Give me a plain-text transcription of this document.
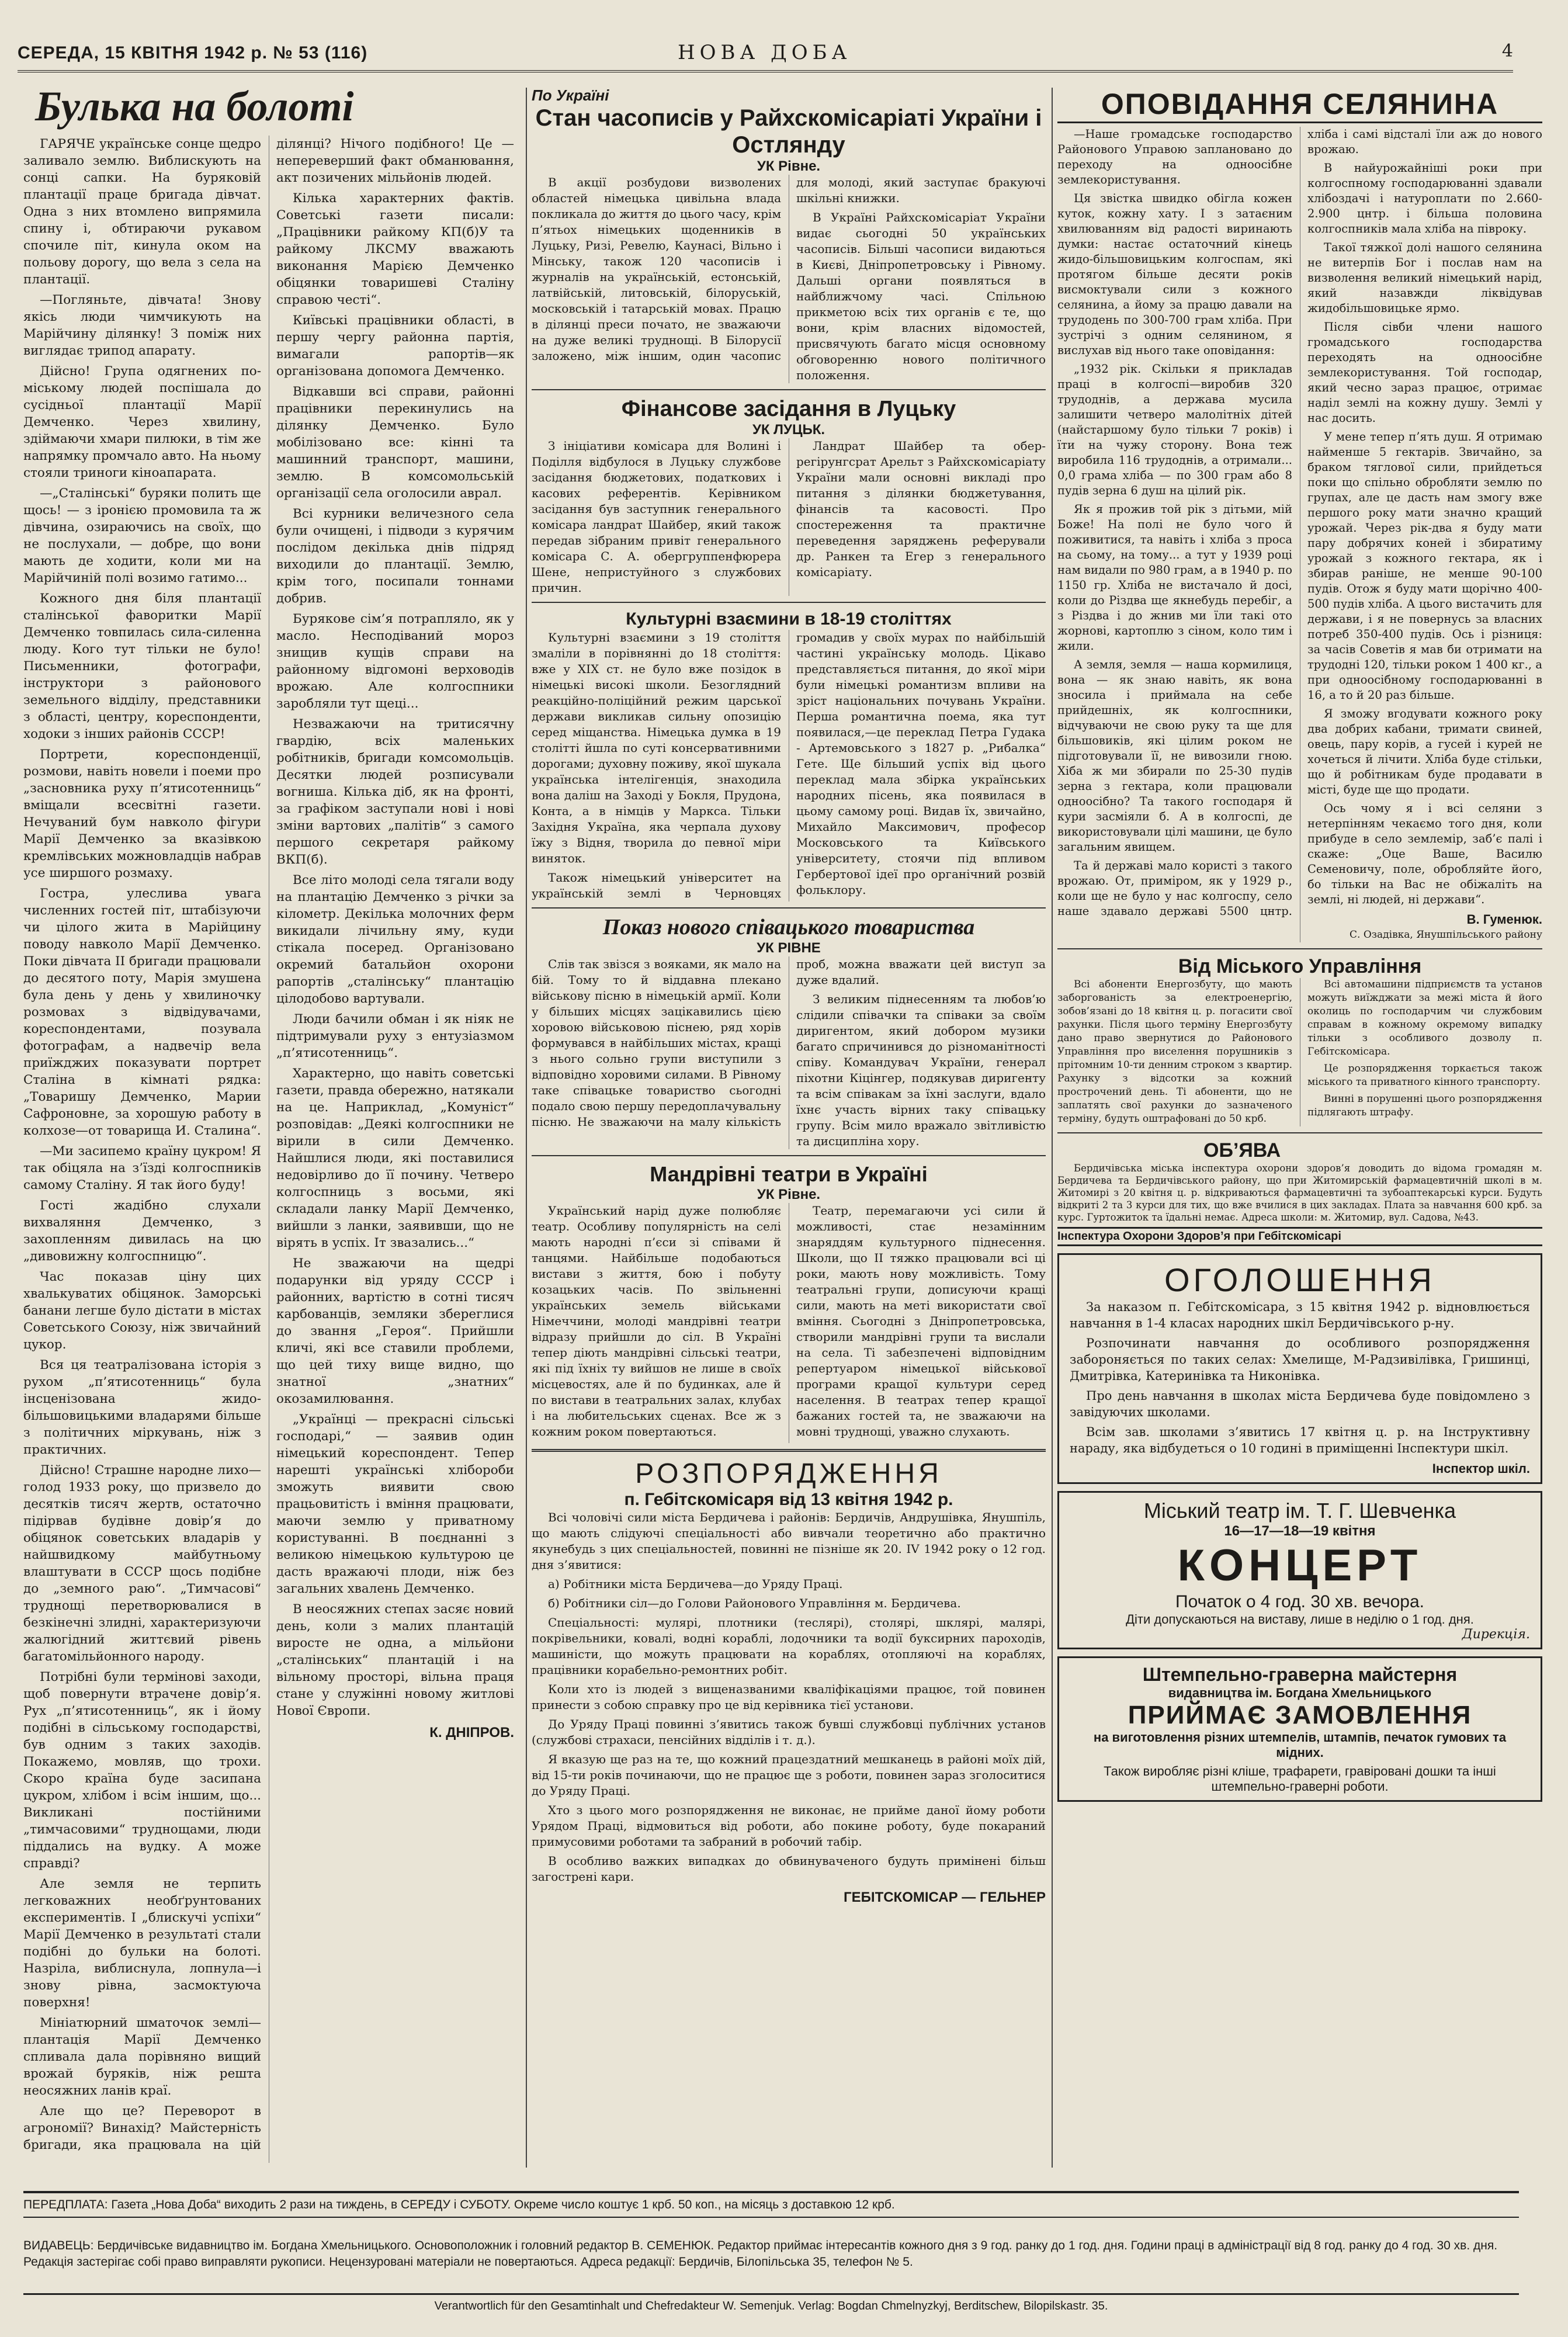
СЕРЕДА, 15 КВІТНЯ 1942 р. № 53 (116)	НОВА ДОБА	4
Булька на болоті

ГАРЯЧЕ українське сонце щедро заливало землю. Виблискують на сонці сапки. На буряковій плантації праце бригада дівчат. Одна з них втомлено випрямила спину і, обтираючи рукавом спочиле піт, кинула оком на польову дорогу, що вела з села на плантації.

—Погляньте, дівчата! Знову якісь люди чимчикують на Марійчину ділянку! З поміж них виглядає трипод апарату.

Дійсно! Група одягнених по-міському людей поспішала до сусідньої плантації Марії Демченко. Через хвилину, здіймаючи хмари пилюки, в тім же напрямку промчало авто. На ньому стояли триноги кіноапарата.

—„Сталінські“ буряки полить ще щось! — з іронією промовила та ж дівчина, озираючись на своїх, що не послухали, — добре, що вони мають де ходити, коли ми на Марійчиній полі возимо гатимо...

Кожного дня біля плантації сталінської фаворитки Марії Демченко товпилась сила-силенна люду. Кого тут тільки не було! Письменники, фотографи, інструктори з районового земельного відділу, представники з області, центру, кореспонденти, ходоки з інших районів СССР!

Портрети, кореспонденції, розмови, навіть новели і поеми про „засновника руху п’ятисотенниць“ вміщали всесвітні газети. Нечуваний бум навколо фігури Марії Демченко за вказівкою кремлівських можновладців набрав усе ширшого розмаху.

Гостра, улеслива увага численних гостей піт, штабізуючи чи цілого жита в Марійцину поводу навколо Марії Демченко. Поки дівчата ІІ бригади працювали до десятого поту, Марія змушена була день у день у хвилиночку розмовах з відвідувачами, кореспондентами, позувала фотографам, а надвечір вела приїжджих показувати портрет Сталіна в кімнаті рядка: „Товаришу Демченко, Марии Сафроновне, за хорошую работу в колхозе—от товарища И. Сталина“.

—Ми засипемо країну цукром! Я так обіцяла на з’їзді колгоспників самому Сталіну. Я так його буду!

Гості жадібно слухали вихваляння Демченко, з захопленням дивилась на цю „дивовижну колгоспницю“.

Час показав ціну цих хвалькуватих обіцянок. Заморські банани легше було дістати в містах Советського Союзу, ніж звичайний цукор.

Вся ця театралізована історія з рухом „п’ятисотенниць“ була інсценізована жидо-більшовицькими владарями більше з політичних міркувань, ніж з практичних.

Дійсно! Страшне народне лихо—голод 1933 року, що призвело до десятків тисяч жертв, остаточно підірвав будівне довір’я до обіцянок советських владарів у найшвидкому майбутньому влаштувати в СССР щось подібне до „земного раю“. „Тимчасові“ труднощі перетворювалися в безкінечні злидні, характеризуючи жалюгідний життєвий рівень багатомільйонного народу.

Потрібні були термінові заходи, щоб повернути втрачене довір’я. Рух „п’ятисотенниць“, як і йому подібні в сільському господарстві, був одним з таких заходів. Покажемо, мовляв, що трохи. Скоро країна буде засипана цукром, хлібом і всім іншим, що... Викликані постійними „тимчасовими“ труднощами, люди піддались на вудку. А може справді?

Але земля не терпить легковажних необґрунтованих експериментів. І „блискучі успіхи“ Марії Демченко в результаті стали подібні до бульки на болоті. Назріла, виблиснула, лопнула—і знову рівна, засмоктуюча поверхня!

Мініатюрний шматочок землі—плантація Марії Демченко спливала дала порівняно вищий врожай буряків, ніж решта неосяжних ланів краї.

Але що це? Переворот в агрономії? Винахід? Майстерність бригади, яка працювала на цій ділянці? Нічого подібного! Це — непереверший факт обманювання, акт позичених мільйонів людей.

Кілька характерних фактів. Советські газети писали: „Працівники райкому КП(б)У та райкому ЛКСМУ вважають виконання Марією Демченко обіцянки товаришеві Сталіну справою честі“.

Київські працівники області, в першу чергу районна партія, вимагали рапортів—як організована допомога Демченко.

Відкавши всі справи, районні працівники перекинулись на ділянку Демченко. Було мобілізовано все: кінні та машинний транспорт, машини, землю. В комсомольській організації села оголосили аврал.

Всі курники величезного села були очищені, і підводи з курячим послідом декілька днів підряд виходили до плантації. Землю, крім того, посипали тоннами добрив.

Бурякове сім’я потрапляло, як у масло. Несподіваний мороз знищив кущів справи на районному відгомоні верховодів врожаю. Але колгоспники заробляли тут щеці...

Незважаючи на тритисячну гвардію, всіх маленьких робітників, бригади комсомольців. Десятки людей розписували вогниша. Кілька діб, як на фронті, за графіком заступали нові і нові зміни вартових „палітів“ з самого першого секретаря райкому ВКП(б).

Все літо молоді села тягали воду на плантацію Демченко з річки за кілометр. Декілька молочних ферм викидали лічильну яму, куди стікала посеред. Організовано окремий батальйон охорони рапортів „сталінську“ плантацію цілодобово вартували.

Люди бачили обман і як ніяк не підтримували руху з ентузіазмом „п’ятисотенниць“.

Характерно, що навіть советські газети, правда обережно, натякали на це. Наприклад, „Комуніст“ розповідав: „Деякі колгоспники не вірили в сили Демченко. Найшлися люди, які поставилися недовірливо до її почину. Четверо колгоспниць з восьми, які складали ланку Марії Демченко, вийшли з ланки, заявивши, що не вірять в успіх. Іт звазались...“

Не зважаючи на щедрі подарунки від уряду СССР і районних, вартістю в сотні тисяч карбованців, земляки збереглися до звання „Героя“. Прийшли кличі, які все ставили проблеми, що цей тиху вище видно, що знатної „знатних“ окозамилювання.

„Українці — прекрасні сільські господарі,“ — заявив один німецький кореспондент. Тепер нарешті українські хлібороби зможуть виявити свою працьовитість і вміння працювати, маючи землю у приватному користуванні. В поєднанні з великою німецькою культурою це дасть вражаючі плоди, ніж без загальних хвалень Демченко.

В неосяжних степах засяє новий день, коли з малих плантацій виросте не одна, а мільйони „сталінських“ плантацій і на вільному просторі, вільна праця стане у служінні новому житлові Нової Європи.

К. ДНІПРОВ.
По Україні
Стан часописів у Райхскомісаріаті України і Остлянду
УК Рівне.

В акції розбудови визволених областей німецька цивільна влада покликала до життя до цього часу, крім п’ятьох німецьких щоденників в Луцьку, Ризі, Ревелю, Каунасі, Вільно і Мінську, також 120 часописів і журналів на українській, естонській, латвійській, литовській, білоруській, московській і татарській мовах. Працю в ділянці преси почато, не зважаючи на дуже великі труднощі. В Білорусії заложено, між іншим, один часопис для молоді, який заступає бракуючі шкільні книжки.

В Україні Райхскомісаріат України видає сьогодні 50 українських часописів. Більші часописи видаються в Києві, Дніпропетровську і Рівному. Дальші органи появляться в найближчому часі. Спільною прикметою всіх тих органів є те, що вони, крім власних відомостей, присвячують багато місця основному обговоренню нового політичного положення.

Фінансове засідання в Луцьку
УК ЛУЦЬК.

З ініціативи комісара для Волині і Поділля відбулося в Луцьку службове засідання бюджетових, податкових і касових референтів. Керівником засідання був заступник генерального комісара ландрат Шайбер, який також передав зібраним привіт генерального комісара С. А. обергруппенфюрера Шене, непристуйного з службових причин.

Ландрат Шайбер та обер-регірунгсрат Арельт з Райхскомісаріату України мали основні викладі про питання з ділянки бюджетування, фінансів та касовості. Про спостереження та практичне переведення заряджень реферували др. Ранкен та Егер з генерального комісаріату.

Культурні взаємини в 18-19 століттях

Культурні взаємини з 19 століття змаліли в порівнянні до 18 століття: вже у XIX ст. не було вже позідок в німецькі високі школи. Безоглядний реакційно-поліційний режим царської держави викликав сильну опозицію серед міщанства. Німецька думка в 19 столітті йшла по суті консервативними дорогами; духовну поживу, якої шукала українська інтелігенція, знаходила вона даліш на Заході у Бокля, Прудона, Конта, а в німців у Маркса. Тільки Західня Україна, яка черпала духову їжу з Відня, творила до певної міри виняток.

Також німецький університет на українській землі в Черновцях громадив у своїх мурах по найбільшій частині українську молодь. Цікаво представляється питання, до якої міри були німецькі романтизм впливи на зріст національних почувань України. Перша романтична поема, яка тут появилася,—це переклад Петра Гудака - Артемовського з 1827 р. „Рибалка“ Гете. Ще більший успіх від цього переклад мала збірка українських народних пісень, яка появилася в цьому самому році. Видав їх, звичайно, Михайло Максимович, професор Московського та Київського університету, стоячи під впливом Гербертової ідеї про органічний розвій фольклору.

Показ нового співацького товариства
УК РІВНЕ

Слів так звізся з вояками, як мало на бій. Тому то й віддавна плекано військову пісню в німецькій армії. Коли у більших місцях зацікавились цією хоровою військовою піснею, ряд хорів формувався в найбільших містах, кращі з нього сольно групи виступили з відповідно хоровими силами. В Рівному таке співацьке товариство сьогодні подало свою першу передоплачувальну пісню. Не зважаючи на малу кількість проб, можна вважати цей виступ за дуже вдалий.

З великим піднесенням та любов’ю слідили співачки та співаки за своїм диригентом, який добором музики багато спричинився до різноманітності співу. Командувач України, генерал піхотни Кіцінгер, подякував диригенту та всім співакам за їхні заслуги, вдало їхнє участь вірних таку співацьку групу. Всім мило вражало звітливістю та дисципліна хору.

Мандрівні театри в Україні
УК Рівне.

Український нарід дуже полюбляє театр. Особливу популярність на селі мають народні п’єси зі співами й танцями. Найбільше подобаються вистави з життя, бою і побуту козацьких часів. По звільненні українських земель військами Німеччини, молоді мандрівні театри відразу прийшли до сіл. В Україні тепер діють мандрівні сільські театри, які під їхніх ту вийшов не лише в своїх місцевостях, але й по будинках, але й по вистави в театральних залах, клубах і на любительських сценах. Все ж з кожним роком повертаються.

Театр, перемагаючи усі сили й можливості, стає незамінним знаряддям культурного піднесення. Школи, що ІІ тяжко працювали всі ці роки, мають нову можливість. Тому театральні групи, дописуючи кращі сили, мають на меті використати свої вміння. Сьогодні з Дніпропетровська, створили мандрівні групи та вислали на села. Ті забезпечені відповідним репертуаром німецької військової програми кращої культури серед населення. В театрах тепер кращої бажаних гостей та, не зважаючи на мовні труднощі, уважно слухають.

РОЗПОРЯДЖЕННЯ
п. Гебітскомісаря від 13 квітня 1942 р.

Всі чоловічі сили міста Бердичева і районів: Бердичів, Андрушівка, Янушпіль, що мають слідуючі спеціальності або вивчали теоретично або практично якунебудь з цих спеціальностей, повинні не пізніше як 20. IV 1942 року о 12 год. дня з’явитися:

а) Робітники міста Бердичева—до Уряду Праці.

б) Робітники сіл—до Голови Районового Управління м. Бердичева.

Спеціальності: мулярі, плотники (теслярі), столярі, шклярі, малярі, покрівельники, ковалі, водні кораблі, лодочники та водії буксирних пароходів, машиністи, що можуть працювати на кораблях, отопляючі на кораблях, працівники корабельно-ремонтних робіт.

Коли хто із людей з вищеназваними кваліфікаціями працює, той повинен принести з собою справку про це від керівника тієї установи.

До Уряду Праці повинні з’явитись також бувші службовці публічних установ (службові страхаси, пенсійних відділів і т. д.).

Я вказую ще раз на те, що кожний працездатний мешканець в районі моїх дій, від 15-ти років починаючи, що не працює ще з роботи, повинен зараз зголоситися до Уряду Праці.

Хто з цього мого розпорядження не виконає, не прийме даної йому роботи Урядом Праці, відмовиться від роботи, або покине роботу, буде покараний примусовими роботами та забраний в робочий табір.

В особливо важких випадках до обвинуваченого будуть примінені більш загострені кари.

ГЕБІТСКОМІСАР — ГЕЛЬНЕР
ОПОВІДАННЯ СЕЛЯНИНА

—Наше громадське господарство Районового Управою заплановано до переходу на одноосібне землекористування.

Ця звістка швидко обігла кожен куток, кожну хату. І з затаєним хвилюванням від радості виринають думки: настає остаточний кінець жидо-більшовицьким колгоспам, які протягом більше десяти років висмоктували сили з кожного селянина, а йому за працю давали на трудодень по 300-700 грам хліба. При зустрічі з одним селянином, я вислухав від нього таке оповідання:

„1932 рік. Скільки я прикладав праці в колгоспі—виробив 320 трудоднів, а держава мусила залишити четверо малолітніх дітей (найстаршому було тільки 7 років) і їти на чужу сторону. Вона теж виробила 116 трудоднів, а отримали... 0,0 грама хліба — по 300 грам або 8 пудів зерна 6 душ на цілий рік.

Як я прожив той рік з дітьми, мій Боже! На полі не було чого й поживитися, та навіть і хліба з проса на сьому, на тому... а тут у 1939 році нам видали по 980 грам, а в 1940 р. по 1150 гр. Хліба не вистачало й досі, коли до Різдва ще якнебудь перебіг, а з Різдва і до жнив ми їли такі ото жорнові, картоплю з сіном, коло тим і жили.

А земля, земля — наша кормилиця, вона — як знаю навіть, як вона зносила і приймала на себе прийдешніх, як колгоспники, відчуваючи не свою руку та ще для більшовиків, які цілим роком не підготовували її, не вивозили гною. Хіба ж ми збирали по 25-30 пудів зерна з гектара, коли працювали одноосібно? Та такого господаря й кури засміяли б. А в колгоспі, де використовували цілі машини, це було загальним явищем.

Та й державі мало користі з такого врожаю. От, приміром, як у 1929 р., коли ще не було у нас колгоспу, село наше здавало державі 5500 цнтр. хліба і самі відсталі їли аж до нового врожаю.

В найурожайніші роки при колгоспному господарюванні здавали хлібоздачі і натуроплати по 2.660-2.900 цнтр. і більша половина колгоспників мала хліба на півроку.

Такої тяжкої долі нашого селянина не витерпів Бог і послав нам на визволення великий німецький нарід, який назавжди ліквідував жидобільшовицьке ярмо.

Після сівби члени нашого громадського господарства переходять на одноосібне землекористування. Той господар, який чесно зараз працює, отримає наділ землі на кожну душу. Землі у нас досить.

У мене тепер п’ять душ. Я отримаю найменше 5 гектарів. Звичайно, за браком тяглової сили, прийдеться поки що спільно обробляти землю по групах, але це дасть нам змогу вже першого року мати значно кращий урожай. Через рік-два я буду мати пару добрячих коней і збиратиму урожай з кожного гектара, як і збирав раніше, не менше 90-100 пудів. Отож я буду мати щорічно 400-500 пудів хліба. А цього вистачить для держави, і я не повернусь за власних потреб 350-400 пудів. Ось і різниця: за часів Советів я мав би отримати на трудодні 120, тільки роком 1 400 кг., а при одноосібному господарюванні в 16, а то й 20 раз більше.

Я зможу вгодувати кожного року два добрих кабани, тримати свиней, овець, пару корів, а гусей і курей не хочеться й лічити. Хліба буде стільки, що й робітникам буде продавати в місті, буде ще що продати.

Ось чому я і всі селяни з нетерпінням чекаємо того дня, коли прибуде в село землемір, заб’є палі і скаже: „Оце Ваше, Василю Семеновичу, поле, обробляйте його, бо тільки на Вас не обіжаліть на землі, ні людей, ні держави“.

В. Гуменюк.
С. Озадівка, Янушпільського району
Від Міського Управління

Всі абоненти Енергозбуту, що мають заборгованість за електроенергію, зобов’язані до 18 квітня ц. р. погасити свої рахунки. Після цього терміну Енергозбуту дано право звернутися до Районового Управління про виселення порушників з прітомним 10-ти денним строком з квартир. Рахунку з відсотки за кожний прострочений день. Ті абоненти, що не заплатять свої рахунки до зазначеного терміну, будуть оштрафовані до 50 крб.

Всі автомашини підприємств та установ можуть виїжджати за межі міста й його околиць по господарчим чи службовим справам в кожному окремому випадку тільки з особливого дозволу п. Гебітскомісара.

Це розпорядження торкається також міського та приватного кінного транспорту.

Винні в порушенні цього розпорядження підлягають штрафу.

ОБ’ЯВА

Бердичівська міська інспектура охорони здоров’я доводить до відома громадян м. Бердичева та Бердичівського району, що при Житомирській фармацевтичній школі в м. Житомирі з 20 квітня ц. р. відкриваються фармацевтичні та зубоаптекарські курси. Будуть відкриті 2 та 3 курси для тих, що вже вчилися в цих закладах. Плата за навчання 600 крб. за курс. Гуртожиток та їдальні немає. Адреса школи: м. Житомир, вул. Садова, №43.

Інспектура Охорони Здоров’я при Гебітскомісарі
ОГОЛОШЕННЯ

За наказом п. Гебітскомісара, з 15 квітня 1942 р. відновлюється навчання в 1-4 класах народних шкіл Бердичівського р-ну.

Розпочинати навчання до особливого розпорядження забороняється по таких селах: Хмелище, М-Радзивілівка, Гришинці, Дмитрівка, Катеринівка та Никонівка.

Про день навчання в школах міста Бердичева буде повідомлено з завідуючих школами.

Всім зав. школами з’явитись 17 квітня ц. р. на Інструктивну нараду, яка відбудеться о 10 годині в приміщенні Інспектури шкіл.

Інспектор шкіл.
Міський театр ім. Т. Г. Шевченка
16—17—18—19 квітня
КОНЦЕРТ
Початок о 4 год. 30 хв. вечора.
Діти допускаються на виставу, лише в неділю о 1 год. дня.
Дирекція.
Штемпельно-граверна майстерня
видавництва ім. Богдана Хмельницького
ПРИЙМАЄ ЗАМОВЛЕННЯ
на виготовлення різних штемпелів, штампів, печаток гумових та мідних.
Також виробляє різні кліше, трафарети, гравіровані дошки та інші штемпельно-граверні роботи.
ПЕРЕДПЛАТА: Газета „Нова Доба“ виходить 2 рази на тиждень, в СЕРЕДУ і СУБОТУ. Окреме число коштує 1 крб. 50 коп., на місяць з доставкою 12 крб.
ВИДАВЕЦЬ: Бердичівське видавництво ім. Богдана Хмельницького. Основоположник і головний редактор В. СЕМЕНЮК. Редактор приймає інтересантів кожного дня з 9 год. ранку до 1 год. дня. Години праці в адміністрації від 8 год. ранку до 4 год. 30 хв. дня. Редакція застерігає собі право виправляти рукописи. Нецензуровані матеріали не повертаються. Адреса редакції: Бердичів, Білопільська 35, телефон № 5.
Verantwortlich für den Gesamtinhalt und Chefredakteur W. Semenjuk. Verlag: Bogdan Chmelnyzkyj, Berditschew, Bilopilskastr. 35.
